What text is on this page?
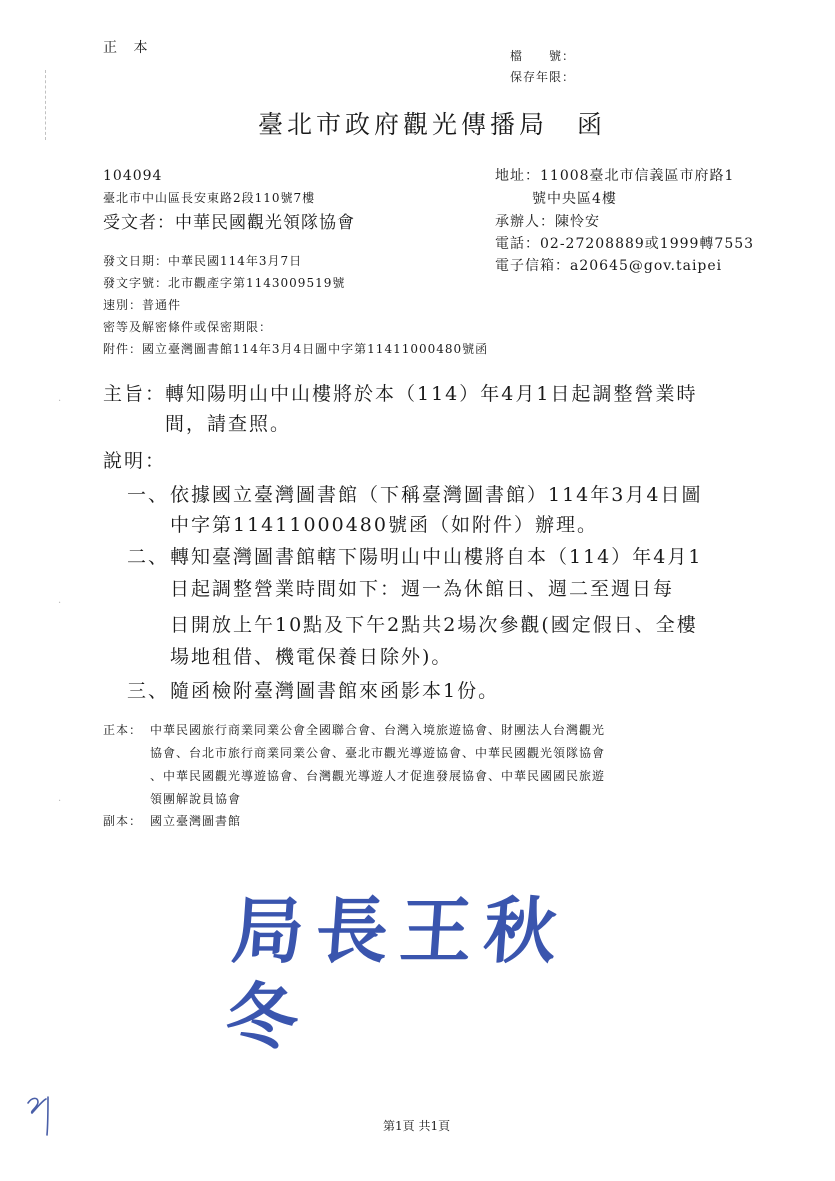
·
·
·
正 本	檔　　號：
保存年限：
臺北市政府觀光傳播局　函
104094
臺北市中山區長安東路2段110號7樓
受文者：中華民國觀光領隊協會
地址：11008臺北市信義區市府路1
號中央區4樓
承辦人：陳怜安
電話：02-27208889或1999轉7553
電子信箱：a20645@gov.taipei
發文日期：中華民國114年3月7日
發文字號：北市觀產字第1143009519號
速別：普通件
密等及解密條件或保密期限：
附件：國立臺灣圖書館114年3月4日圖中字第11411000480號函
主旨：
轉知陽明山中山樓將於本（114）年4月1日起調整營業時
間，請查照。
說明：
一、 依據國立臺灣圖書館（下稱臺灣圖書館）114年3月4日圖
中字第11411000480號函（如附件）辦理。
二、 轉知臺灣圖書館轄下陽明山中山樓將自本（114）年4月1
日起調整營業時間如下：週一為休館日、週二至週日每
日開放上午10點及下午2點共2場次參觀(國定假日、全樓
場地租借、機電保養日除外)。
三、 隨函檢附臺灣圖書館來函影本1份。
正本： 中華民國旅行商業同業公會全國聯合會、台灣入境旅遊協會、財團法人台灣觀光
協會、台北市旅行商業同業公會、臺北市觀光導遊協會、中華民國觀光領隊協會
、中華民國觀光導遊協會、台灣觀光導遊人才促進發展協會、中華民國國民旅遊
領團解說員協會
副本： 國立臺灣圖書館
局長王秋冬
第1頁 共1頁
